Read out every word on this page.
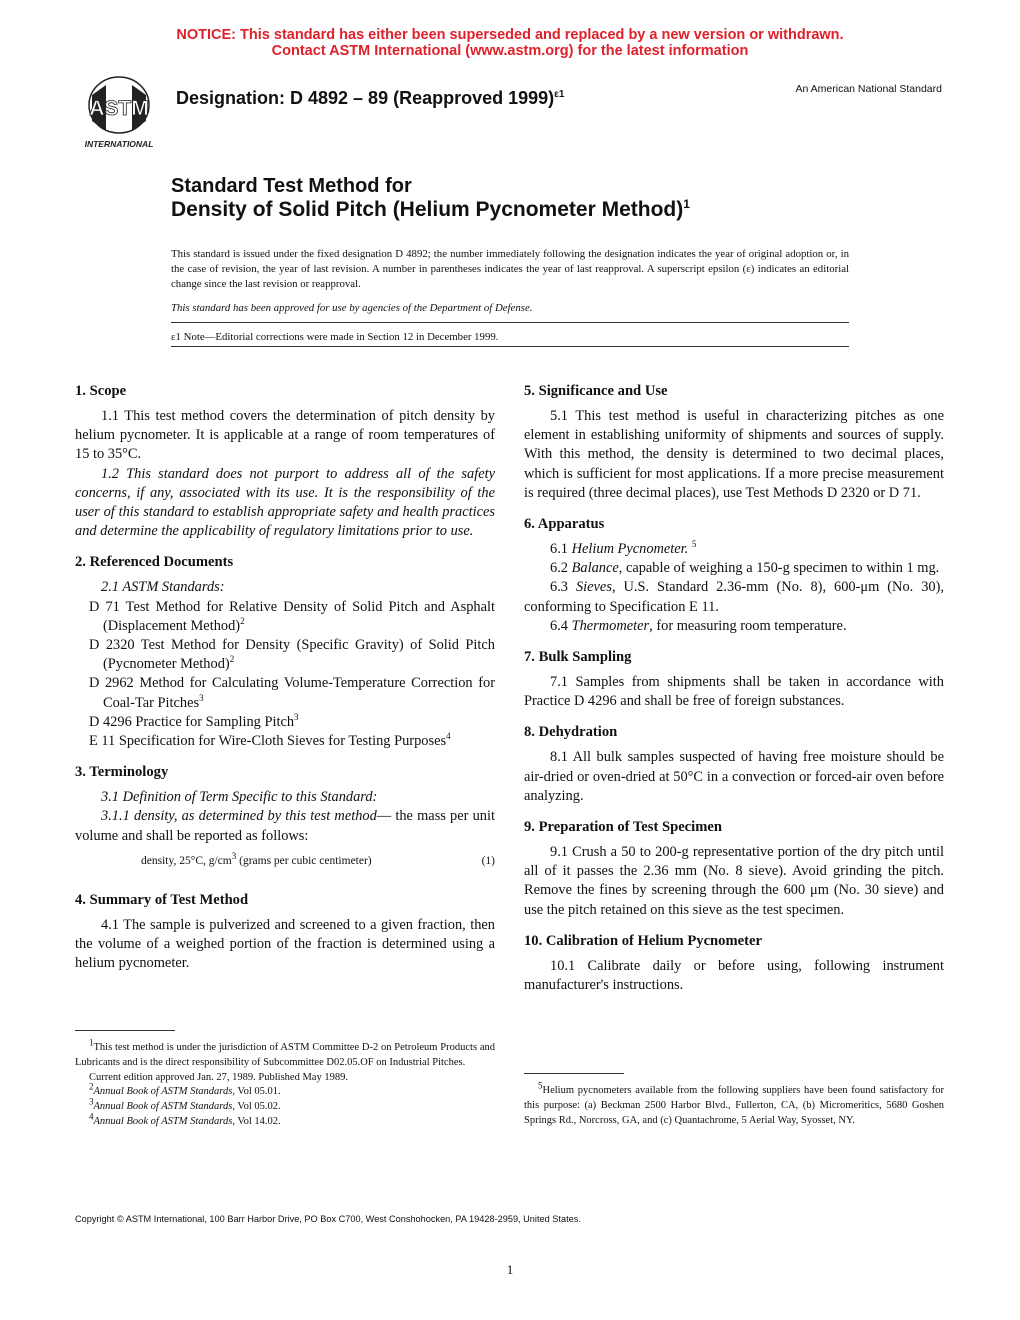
NOTICE: This standard has either been superseded and replaced by a new version or withdrawn.
Contact ASTM International (www.astm.org) for the latest information
ASTM
INTERNATIONAL
Designation: D 4892 – 89 (Reapproved 1999)$^{\varepsilon 1}$	An American National Standard
Standard Test Method for
Density of Solid Pitch (Helium Pycnometer Method)$^1$
This standard is issued under the fixed designation D 4892; the number immediately following the designation indicates the year of original adoption or, in the case of revision, the year of last revision. A number in parentheses indicates the year of last reapproval. A superscript epsilon (ε) indicates an editorial change since the last revision or reapproval.
This standard has been approved for use by agencies of the Department of Defense.
ε1 Note—Editorial corrections were made in Section 12 in December 1999.
1. Scope

1.1 This test method covers the determination of pitch density by helium pycnometer. It is applicable at a range of room temperatures of 15 to 35°C.

1.2 This standard does not purport to address all of the safety concerns, if any, associated with its use. It is the responsibility of the user of this standard to establish appropriate safety and health practices and determine the applicability of regulatory limitations prior to use.

2. Referenced Documents

2.1 ASTM Standards:

D 71 Test Method for Relative Density of Solid Pitch and Asphalt (Displacement Method)$^2$
D 2320 Test Method for Density (Specific Gravity) of Solid Pitch (Pycnometer Method)$^2$
D 2962 Method for Calculating Volume-Temperature Correction for Coal-Tar Pitches$^3$
D 4296 Practice for Sampling Pitch$^3$
E 11 Specification for Wire-Cloth Sieves for Testing Purposes$^4$
3. Terminology

3.1 Definition of Term Specific to this Standard:

3.1.1 density, as determined by this test method— the mass per unit volume and shall be reported as follows:

density, 25°C, $g/cm^3$ (grams per cubic centimeter)	(1)
4. Summary of Test Method

4.1 The sample is pulverized and screened to a given fraction, then the volume of a weighed portion of the fraction is determined using a helium pycnometer.

5. Significance and Use

5.1 This test method is useful in characterizing pitches as one element in establishing uniformity of shipments and sources of supply. With this method, the density is determined to two decimal places, which is sufficient for most applications. If a more precise measurement is required (three decimal places), use Test Methods D 2320 or D 71.

6. Apparatus

6.1 Helium Pycnometer. $^5$

6.2 Balance, capable of weighing a 150-g specimen to within 1 mg.

6.3 Sieves, U.S. Standard 2.36-mm (No. 8), 600-μm (No. 30), conforming to Specification E 11.

6.4 Thermometer, for measuring room temperature.

7. Bulk Sampling

7.1 Samples from shipments shall be taken in accordance with Practice D 4296 and shall be free of foreign substances.

8. Dehydration

8.1 All bulk samples suspected of having free moisture should be air-dried or oven-dried at 50°C in a convection or forced-air oven before analyzing.

9. Preparation of Test Specimen

9.1 Crush a 50 to 200-g representative portion of the dry pitch until all of it passes the 2.36 mm (No. 8 sieve). Avoid grinding the pitch. Remove the fines by screening through the 600 μm (No. 30 sieve) and use the pitch retained on this sieve as the test specimen.

10. Calibration of Helium Pycnometer

10.1 Calibrate daily or before using, following instrument manufacturer's instructions.

$^1$This test method is under the jurisdiction of ASTM Committee D-2 on Petroleum Products and Lubricants and is the direct responsibility of Subcommittee D02.05.OF on Industrial Pitches.

Current edition approved Jan. 27, 1989. Published May 1989.

$^2$Annual Book of ASTM Standards, Vol 05.01.

$^3$Annual Book of ASTM Standards, Vol 05.02.

$^4$Annual Book of ASTM Standards, Vol 14.02.

$^5$Helium pycnometers available from the following suppliers have been found satisfactory for this purpose: (a) Beckman 2500 Harbor Blvd., Fullerton, CA, (b) Micromeritics, 5680 Goshen Springs Rd., Norcross, GA, and (c) Quantachrome, 5 Aerial Way, Syosset, NY.

Copyright © ASTM International, 100 Barr Harbor Drive, PO Box C700, West Conshohocken, PA 19428-2959, United States.
1
